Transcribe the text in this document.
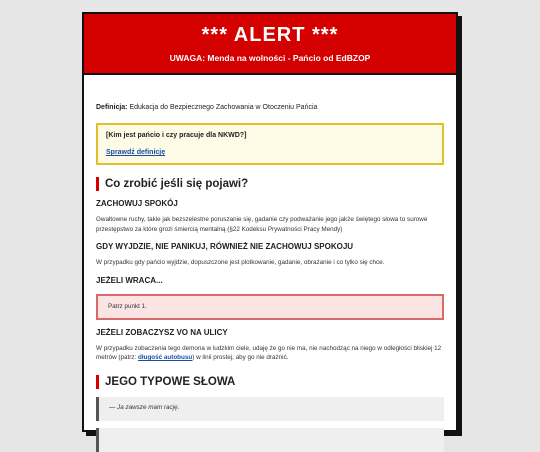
*** ALERT ***
UWAGA: Menda na wolności - Pańcio od EdBZOP
Definicja: Edukacja do Bezpiecznego Zachowania w Otoczeniu Pańcia
[Kim jest pańcio i czy pracuje dla NKWD?]
Sprawdź definicję
Co zrobić jeśli się pojawi?
ZACHOWUJ SPOKÓJ
Gwałtowne ruchy, takie jak bezszelestne poruszanie się, gadanie czy podważanie jego jakże świętego słowa to surowe przestępstwo za które grozi śmiercią mentalną (§22 Kodeksu Prywatności Pracy Mendy)
GDY WYJDZIE, NIE PANIKUJ, RÓWNIEŻ NIE ZACHOWUJ SPOKOJU
W przypadku gdy pańcio wyjdzie, dopuszczone jest plotkowanie, gadanie, obrażanie i co tylko się chce.
JEŻELI WRACA...
Patrz punkt 1.
JEŻELI ZOBACZYSZ VO NA ULICY
W przypadku zobaczenia tego demona w ludzkim ciele, udaję że go nie ma, nie nachodząc na niego w odległości bliskiej 12 metrów (patrz: długość autobusu) w linii prostej, aby go nie drażnić.
JEGO TYPOWE SŁOWA
— Ja zawsze mam rację.
